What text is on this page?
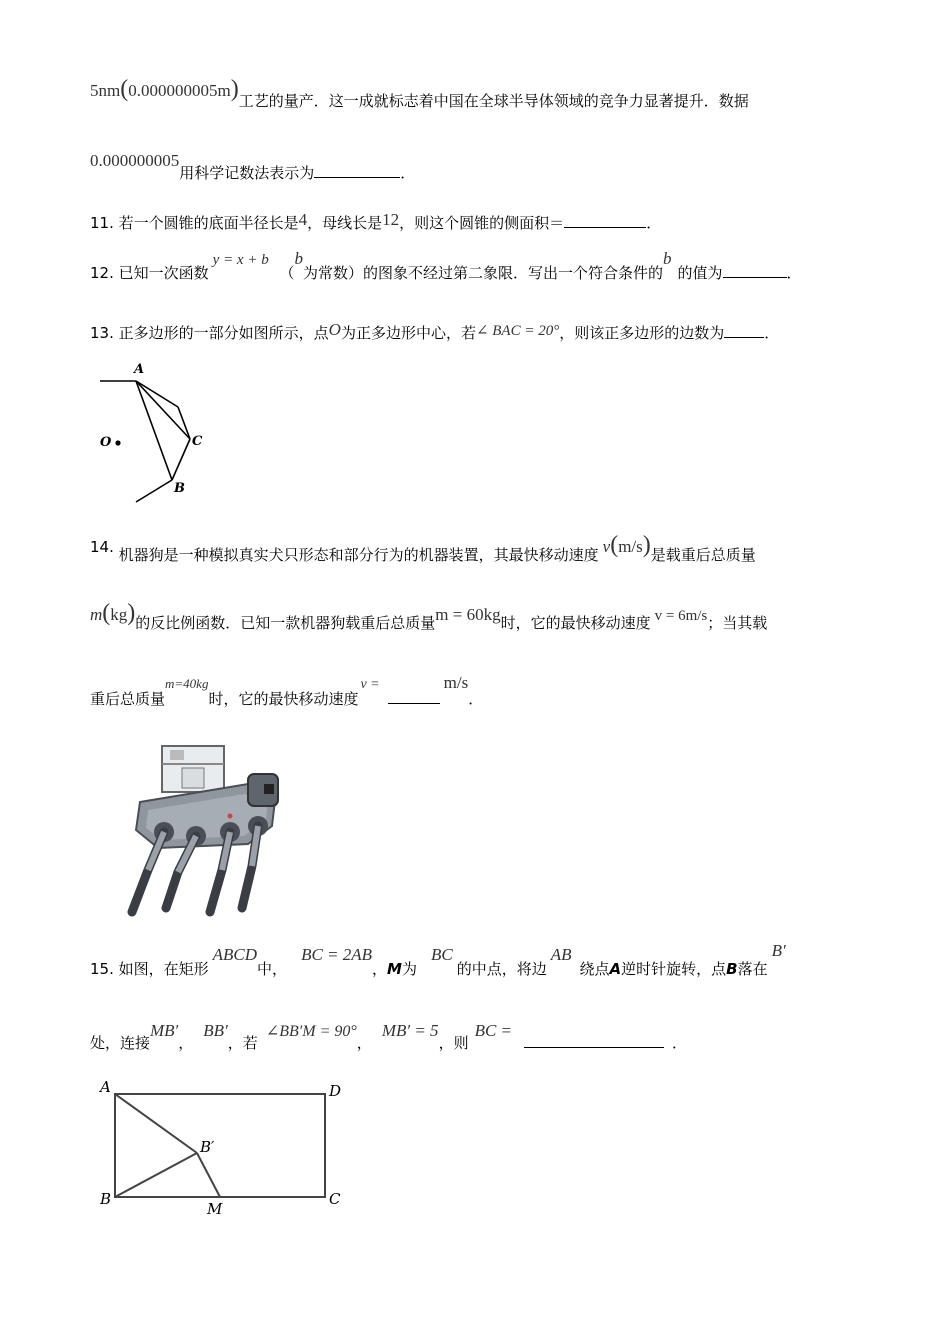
5nm(0.000000005m)工艺的量产．这一成就标志着中国在全球半导体领域的竞争力显著提升．数据
0.000000005用科学记数法表示为	．
11. 若一个圆锥的底面半径长是4，母线长是12，则这个圆锥的侧面积＝	．
12. 已知一次函数y = x + b （b为常数）的图象不经过第二象限．写出一个符合条件的b的值为	．
13. 正多边形的一部分如图所示，点O为正多边形中心，若∠ BAC = 20°，则该正多边形的边数为	．
A
C
B
O
14. 机器狗是一种模拟真实犬只形态和部分行为的机器装置，其最快移动速度 v(m/s)是载重后总质量
m(kg)的反比例函数．已知一款机器狗载重后总质量m = 60kg时，它的最快移动速度 v = 6m/s；当其载
重后总质量m=40kg时，它的最快移动速度v =	m/s．
15. 如图，在矩形ABCD中，BC = 2AB，M为BC的中点，将边AB绕点A逆时针旋转，点B落在B′
处，连接MB′，BB′，若∠BB′M = 90°，MB′ = 5，则BC =．
A	D
B′
B	C
M
